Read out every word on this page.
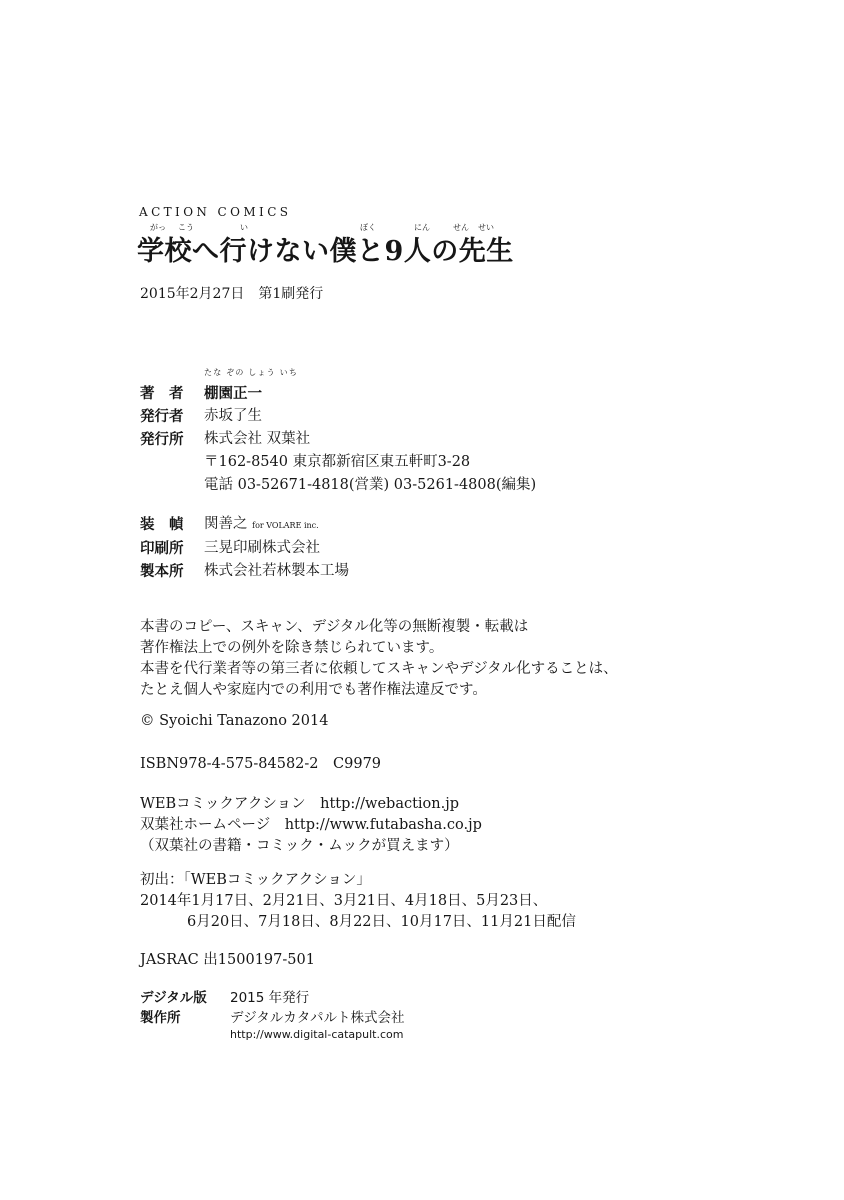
ACTION COMICS
がっ こう	い	ぼく	にん	せん せい
学校へ行けない僕と9人の先生
2015年2月27日　第1刷発行
たな ぞの しょう いち
著　者	棚園正一
発行者	赤坂了生
発行所	株式会社 双葉社
〒162-8540 東京都新宿区東五軒町3-28
電話 03-52671-4818(営業) 03-5261-4808(編集)
装　幀	関善之 for VOLARE inc.
印刷所	三晃印刷株式会社
製本所	株式会社若林製本工場
本書のコピー、スキャン、デジタル化等の無断複製・転載は
著作権法上での例外を除き禁じられています。
本書を代行業者等の第三者に依頼してスキャンやデジタル化することは、
たとえ個人や家庭内での利用でも著作権法違反です。
© Syoichi Tanazono 2014
ISBN978-4-575-84582-2　C9979
WEBコミックアクション　http://webaction.jp
双葉社ホームページ　http://www.futabasha.co.jp
（双葉社の書籍・コミック・ムックが買えます）
初出：「WEBコミックアクション」
2014年1月17日、2月21日、3月21日、4月18日、5月23日、
6月20日、7月18日、8月22日、10月17日、11月21日配信
JASRAC 出1500197-501
デジタル版 2015 年発行
製作所	デジタルカタパルト株式会社
http://www.digital-catapult.com
